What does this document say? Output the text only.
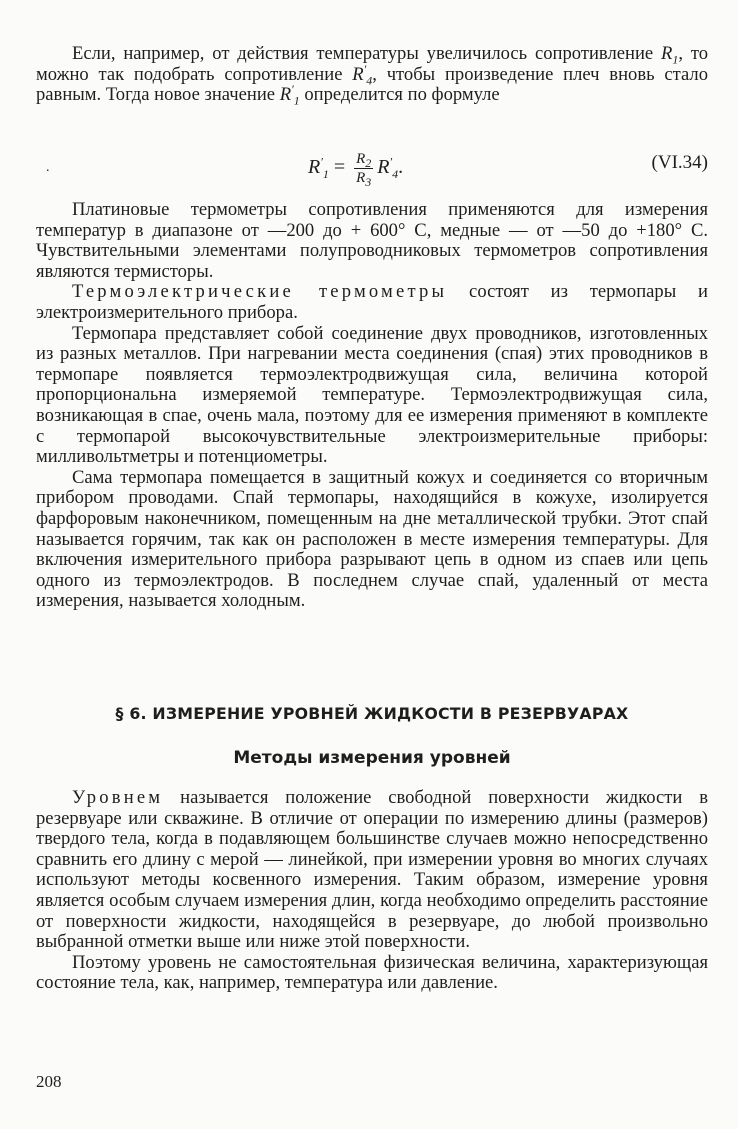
Если, например, от действия температуры увеличилось сопротивление $R_1$, то можно так подобрать сопротивление $R'_4$, чтобы произведение плеч вновь стало равным. Тогда новое значение $R'_1$ определится по формуле

.	$R'_1 = \frac{R_2}{R_3} R'_4$.	(VI.34)

Платиновые термометры сопротивления применяются для измерения температур в диапазоне от —200 до + 600° С, медные — от —50 до +180° С. Чувствительными элементами полупроводниковых термометров сопротивления являются термисторы.

Термоэлектрические термометры состоят из термопары и электроизмерительного прибора.

Термопара представляет собой соединение двух проводников, изготовленных из разных металлов. При нагревании места соединения (спая) этих проводников в термопаре появляется термоэлектродвижущая сила, величина которой пропорциональна измеряемой температуре. Термоэлектродвижущая сила, возникающая в спае, очень мала, поэтому для ее измерения применяют в комплекте с термопарой высокочувствительные электроизмерительные приборы: милливольтметры и потенциометры.

Сама термопара помещается в защитный кожух и соединяется со вторичным прибором проводами. Спай термопары, находящийся в кожухе, изолируется фарфоровым наконечником, помещенным на дне металлической трубки. Этот спай называется горячим, так как он расположен в месте измерения температуры. Для включения измерительного прибора разрывают цепь в одном из спаев или цепь одного из термоэлектродов. В последнем случае спай, удаленный от места измерения, называется холодным.

§ 6. ИЗМЕРЕНИЕ УРОВНЕЙ ЖИДКОСТИ В РЕЗЕРВУАРАХ
Методы измерения уровней

Уровнем называется положение свободной поверхности жидкости в резервуаре или скважине. В отличие от операции по измерению длины (размеров) твердого тела, когда в подавляющем большинстве случаев можно непосредственно сравнить его длину с мерой — линейкой, при измерении уровня во многих случаях используют методы косвенного измерения. Таким образом, измерение уровня является особым случаем измерения длин, когда необходимо определить расстояние от поверхности жидкости, находящейся в резервуаре, до любой произвольно выбранной отметки выше или ниже этой поверхности.

Поэтому уровень не самостоятельная физическая величина, характеризующая состояние тела, как, например, температура или давление.

208
